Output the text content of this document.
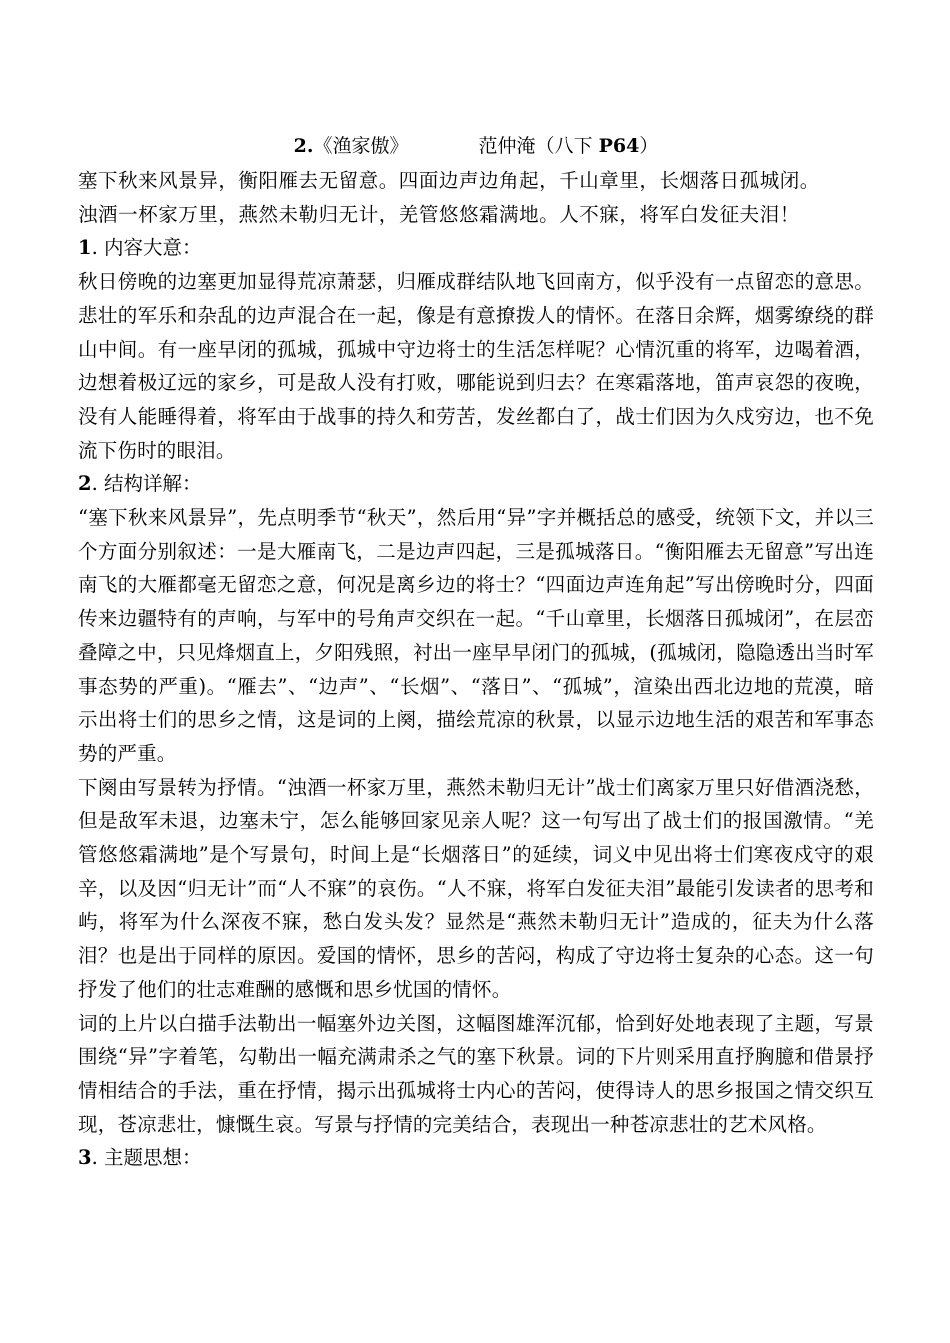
2.《渔家傲》	范仲淹（八下 P64）
塞下秋来风景异，衡阳雁去无留意。四面边声边角起，千山章里，长烟落日孤城闭。
浊酒一杯家万里，燕然未勒归无计，羌管悠悠霜满地。人不寐，将军白发征夫泪！
1. 内容大意：

秋日傍晚的边塞更加显得荒凉萧瑟，归雁成群结队地飞回南方，似乎没有一点留恋的意思。悲壮的军乐和杂乱的边声混合在一起，像是有意撩拨人的情怀。在落日余辉，烟雾缭绕的群山中间。有一座早闭的孤城，孤城中守边将士的生活怎样呢？心情沉重的将军，边喝着酒，边想着极辽远的家乡，可是敌人没有打败，哪能说到归去？在寒霜落地，笛声哀怨的夜晚，没有人能睡得着，将军由于战事的持久和劳苦，发丝都白了，战士们因为久戍穷边，也不免流下伤时的眼泪。

2. 结构详解：

“塞下秋来风景异”，先点明季节“秋天”，然后用“异”字并概括总的感受，统领下文，并以三个方面分别叙述：一是大雁南飞，二是边声四起，三是孤城落日。“衡阳雁去无留意”写出连南飞的大雁都毫无留恋之意，何况是离乡边的将士？“四面边声连角起”写出傍晚时分，四面传来边疆特有的声响，与军中的号角声交织在一起。“千山章里，长烟落日孤城闭”，在层峦叠障之中，只见烽烟直上，夕阳残照，衬出一座早早闭门的孤城，(孤城闭，隐隐透出当时军事态势的严重)。“雁去”、“边声”、“长烟”、“落日”、“孤城”，渲染出西北边地的荒漠，暗示出将士们的思乡之情，这是词的上阕，描绘荒凉的秋景，以显示边地生活的艰苦和军事态势的严重。

下阕由写景转为抒情。“浊酒一杯家万里，燕然未勒归无计”战士们离家万里只好借酒浇愁，但是敌军未退，边塞未宁，怎么能够回家见亲人呢？这一句写出了战士们的报国激情。“羌管悠悠霜满地”是个写景句，时间上是“长烟落日”的延续，词义中见出将士们寒夜戍守的艰辛，以及因“归无计”而“人不寐”的哀伤。“人不寐，将军白发征夫泪”最能引发读者的思考和屿，将军为什么深夜不寐，愁白发头发？显然是“燕然未勒归无计”造成的，征夫为什么落泪？也是出于同样的原因。爱国的情怀，思乡的苦闷，构成了守边将士复杂的心态。这一句抒发了他们的壮志难酬的感慨和思乡忧国的情怀。

词的上片以白描手法勒出一幅塞外边关图，这幅图雄浑沉郁，恰到好处地表现了主题，写景围绕“异”字着笔，勾勒出一幅充满肃杀之气的塞下秋景。词的下片则采用直抒胸臆和借景抒情相结合的手法，重在抒情，揭示出孤城将士内心的苦闷，使得诗人的思乡报国之情交织互现，苍凉悲壮，慷慨生哀。写景与抒情的完美结合，表现出一种苍凉悲壮的艺术风格。

3. 主题思想：
